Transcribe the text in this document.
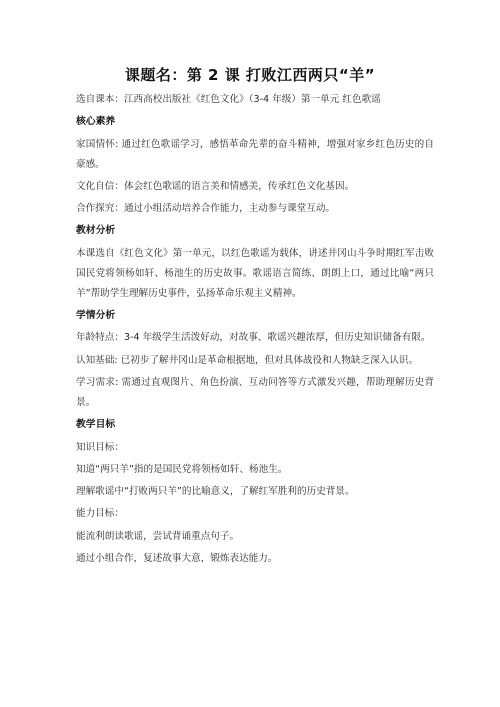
课题名：第 2 课 打败江西两只“羊”
选自课本：江西高校出版社《红色文化》（3-4 年级）第一单元 红色歌谣
核心素养
家国情怀: 通过红色歌谣学习，感悟革命先辈的奋斗精神，增强对家乡红色历史的自豪感。
文化自信：体会红色歌谣的语言美和情感美，传承红色文化基因。
合作探究：通过小组活动培养合作能力，主动参与课堂互动。
教材分析
本课选自《红色文化》第一单元，以红色歌谣为载体，讲述井冈山斗争时期红军击败国民党将领杨如轩、杨池生的历史故事。歌谣语言简练、朗朗上口，通过比喻“两只羊”帮助学生理解历史事件，弘扬革命乐观主义精神。
学情分析
年龄特点：3-4 年级学生活泼好动，对故事、歌谣兴趣浓厚，但历史知识储备有限。
认知基础: 已初步了解井冈山是革命根据地，但对具体战役和人物缺乏深入认识。
学习需求: 需通过直观图片、角色扮演、互动问答等方式激发兴趣，帮助理解历史背景。
教学目标
知识目标：
知道“两只羊”指的是国民党将领杨如轩、杨池生。
理解歌谣中“打败两只羊”的比喻意义，了解红军胜利的历史背景。
能力目标：
能流利朗读歌谣，尝试背诵重点句子。
通过小组合作，复述故事大意，锻炼表达能力。
